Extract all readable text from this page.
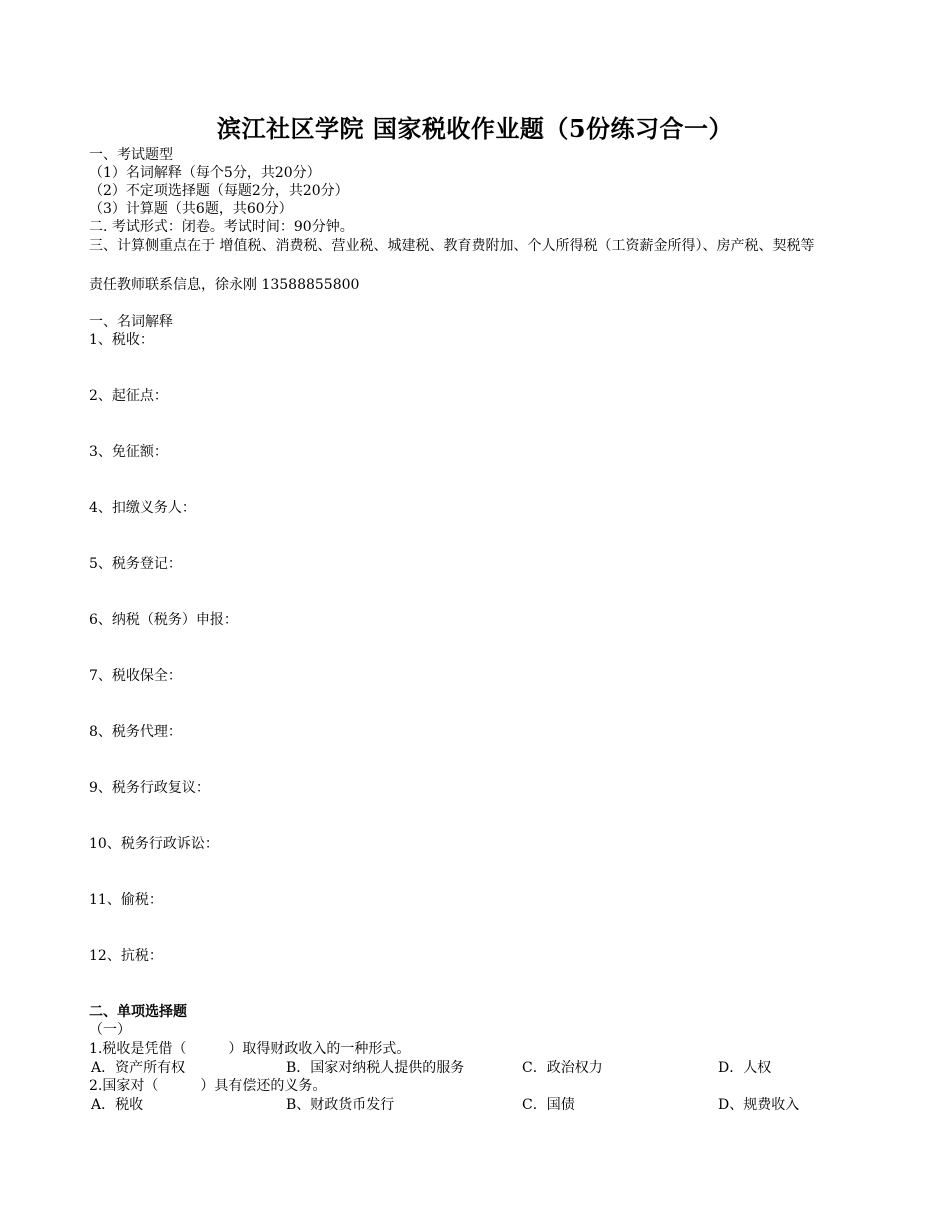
滨江社区学院 国家税收作业题（5份练习合一）
一、考试题型
（1）名词解释（每个5分，共20分）
（2）不定项选择题（每题2分，共20分）
（3）计算题（共6题，共60分）
二. 考试形式：闭卷。考试时间：90分钟。
三、计算侧重点在于 增值税、消费税、营业税、城建税、教育费附加、个人所得税（工资薪金所得）、房产税、契税等
责任教师联系信息，徐永刚 13588855800
一、名词解释
1、税收：
2、起征点：
3、免征额：
4、扣缴义务人：
5、税务登记：
6、纳税（税务）申报：
7、税收保全：
8、税务代理：
9、税务行政复议：
10、税务行政诉讼：
11、偷税：
12、抗税：
二、单项选择题
（一）
1.税收是凭借（　　　）取得财政收入的一种形式。
A．资产所有权	B．国家对纳税人提供的服务	C．政治权力	D．人权
2.国家对（　　　）具有偿还的义务。
A．税收	B、财政货币发行	C．国债	D、规费收入
